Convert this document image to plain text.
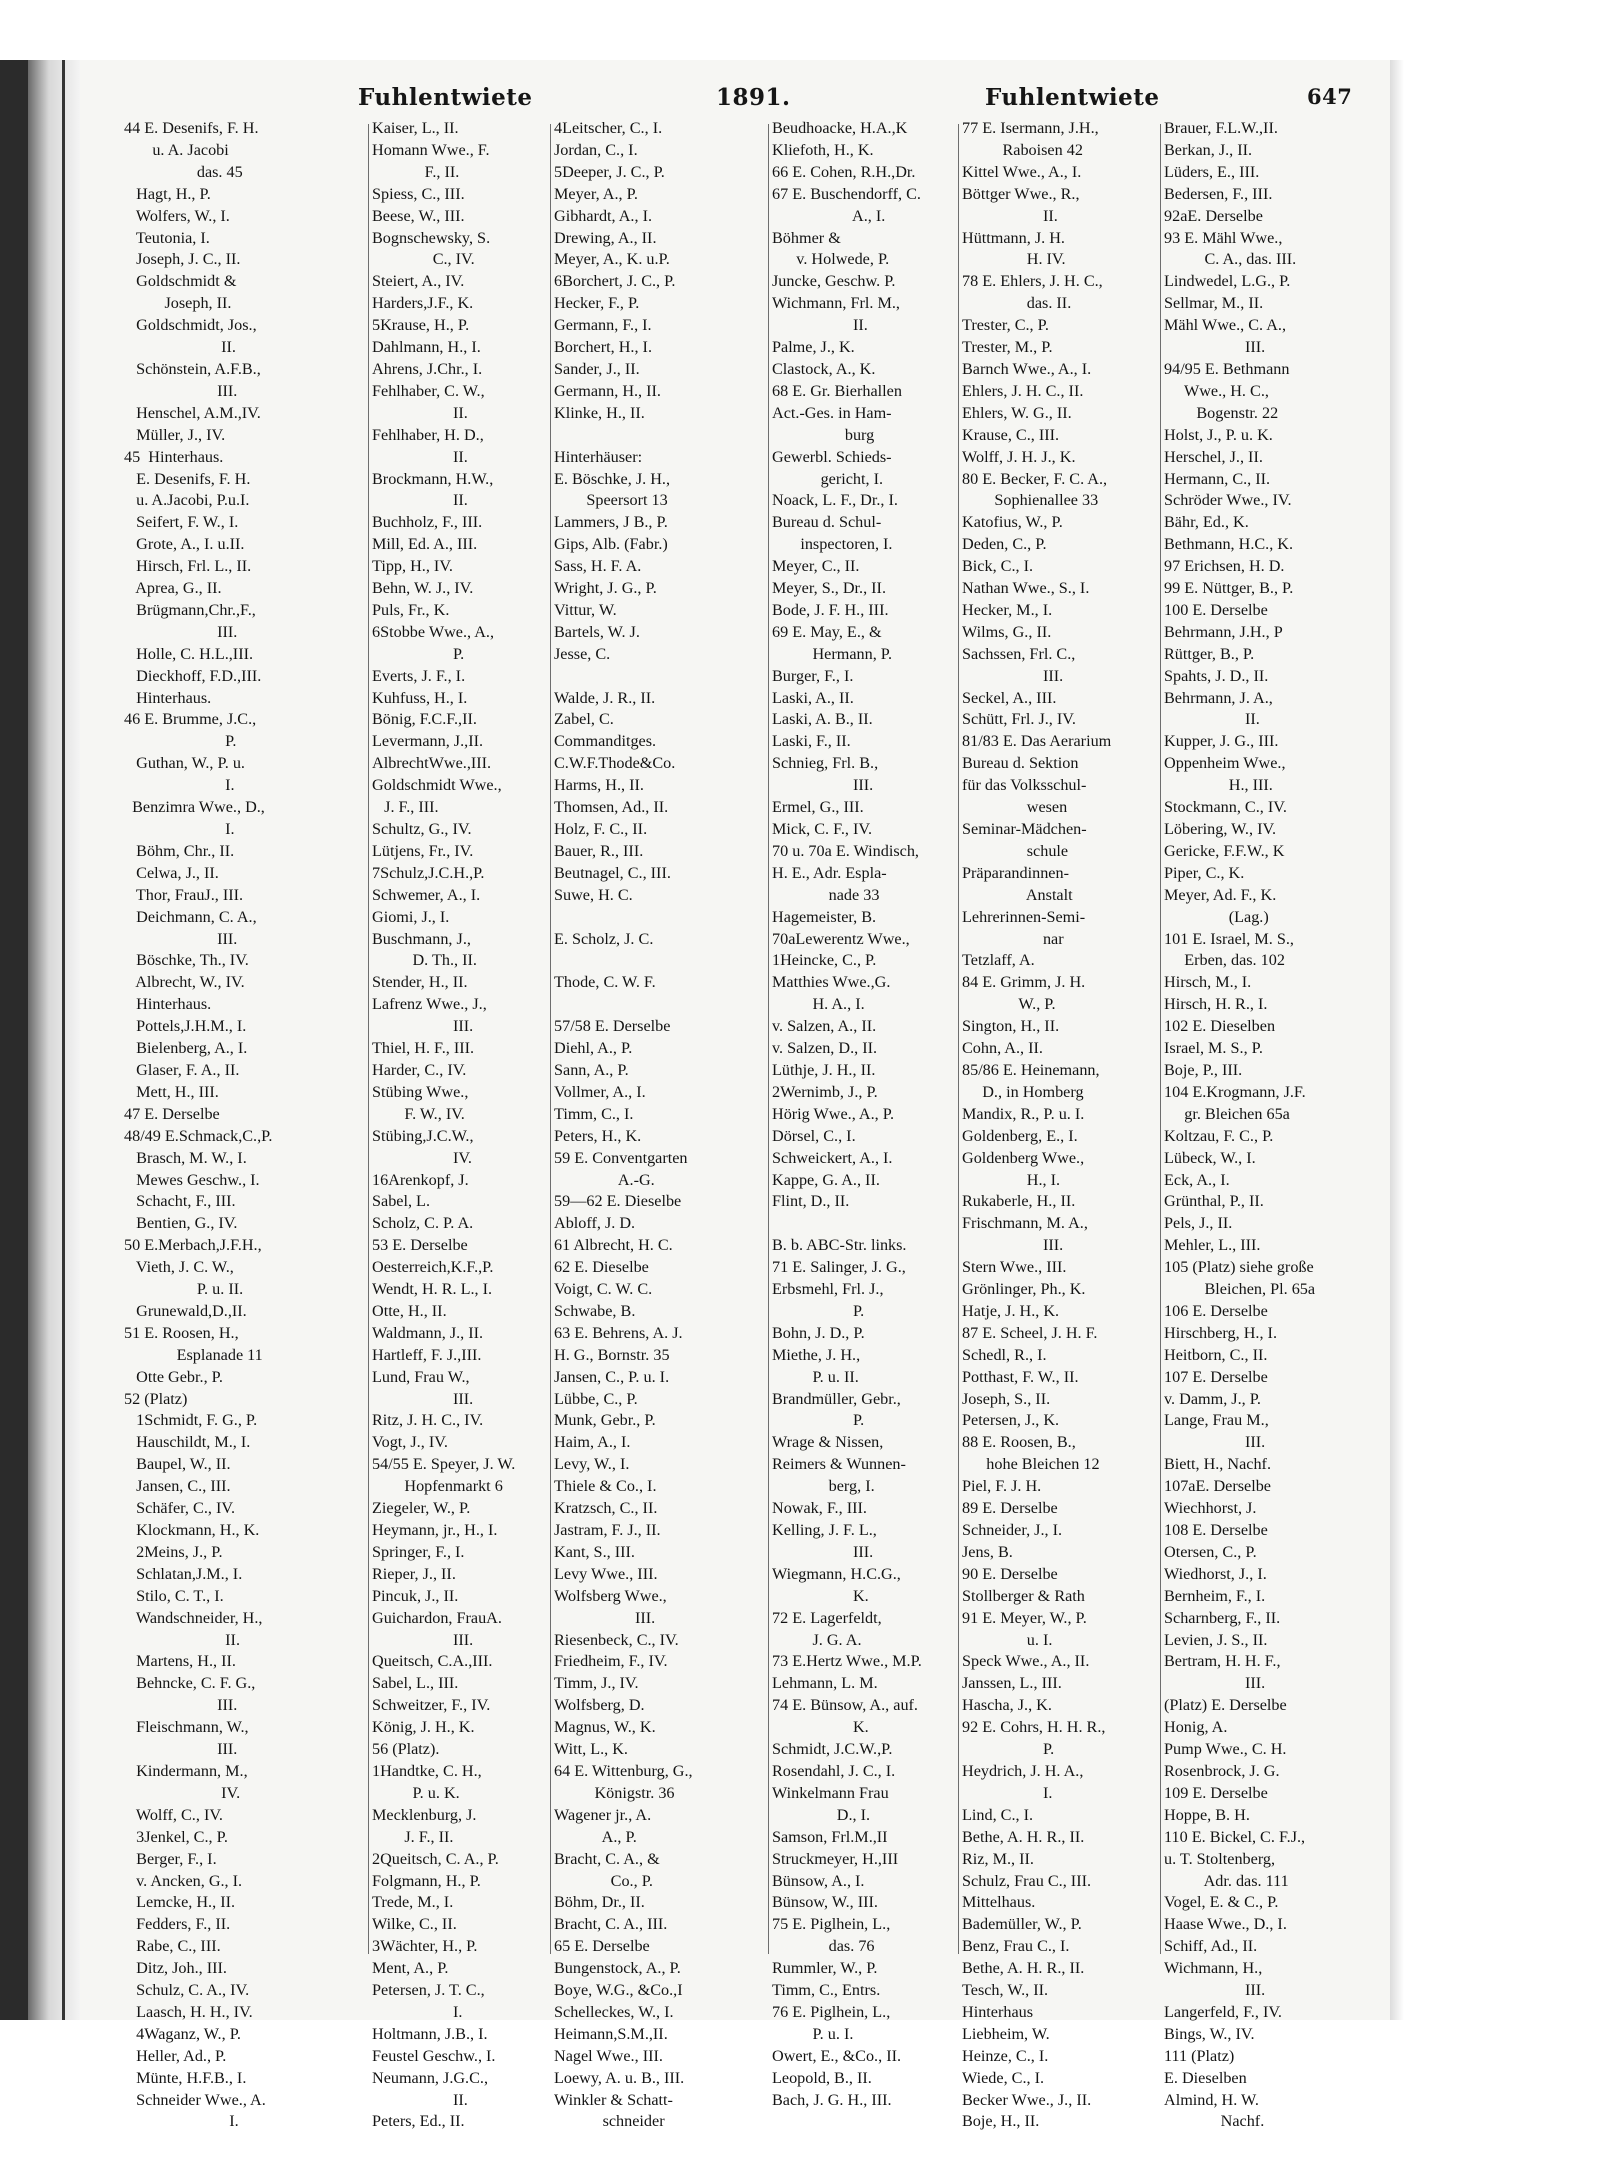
Fuhlentwiete	1891.	Fuhlentwiete	647
44 E. Desenifs, F. H.
u. A. Jacobi
das. 45
Hagt, H., P.
Wolfers, W., I.
Teutonia, I.
Joseph, J. C., II.
Goldschmidt &
Joseph, II.
Goldschmidt, Jos.,
II.
Schönstein, A.F.B.,
III.
Henschel, A.M.,IV.
Müller, J., IV.
45  Hinterhaus.
E. Desenifs, F. H.
u. A.Jacobi, P.u.I.
Seifert, F. W., I.
Grote, A., I. u.II.
Hirsch, Frl. L., II.
Aprea, G., II.
Brügmann,Chr.,F.,
III.
Holle, C. H.L.,III.
Dieckhoff, F.D.,III.
Hinterhaus.
46 E. Brumme, J.C.,
P.
Guthan, W., P. u.
I.
Benzimra Wwe., D.,
I.
Böhm, Chr., II.
Celwa, J., II.
Thor, FrauJ., III.
Deichmann, C. A.,
III.
Böschke, Th., IV.
Albrecht, W., IV.
Hinterhaus.
Pottels,J.H.M., I.
Bielenberg, A., I.
Glaser, F. A., II.
Mett, H., III.
47 E. Derselbe
48/49 E.Schmack,C.,P.
Brasch, M. W., I.
Mewes Geschw., I.
Schacht, F., III.
Bentien, G., IV.
50 E.Merbach,J.F.H.,
Vieth, J. C. W.,
P. u. II.
Grunewald,D.,II.
51 E. Roosen, H.,
Esplanade 11
Otte Gebr., P.
52 (Platz)
1Schmidt, F. G., P.
Hauschildt, M., I.
Baupel, W., II.
Jansen, C., III.
Schäfer, C., IV.
Klockmann, H., K.
2Meins, J., P.
Schlatan,J.M., I.
Stilo, C. T., I.
Wandschneider, H.,
II.
Martens, H., II.
Behncke, C. F. G.,
III.
Fleischmann, W.,
III.
Kindermann, M.,
IV.
Wolff, C., IV.
3Jenkel, C., P.
Berger, F., I.
v. Ancken, G., I.
Lemcke, H., II.
Fedders, F., II.
Rabe, C., III.
Ditz, Joh., III.
Schulz, C. A., IV.
Laasch, H. H., IV.
4Waganz, W., P.
Heller, Ad., P.
Münte, H.F.B., I.
Schneider Wwe., A.
I.
Kaiser, L., II.
Homann Wwe., F.
F., II.
Spiess, C., III.
Beese, W., III.
Bognschewsky, S.
C., IV.
Steiert, A., IV.
Harders,J.F., K.
5Krause, H., P.
Dahlmann, H., I.
Ahrens, J.Chr., I.
Fehlhaber, C. W.,
II.
Fehlhaber, H. D.,
II.
Brockmann, H.W.,
II.
Buchholz, F., III.
Mill, Ed. A., III.
Tipp, H., IV.
Behn, W. J., IV.
Puls, Fr., K.
6Stobbe Wwe., A.,
P.
Everts, J. F., I.
Kuhfuss, H., I.
Bönig, F.C.F.,II.
Levermann, J.,II.
AlbrechtWwe.,III.
Goldschmidt Wwe.,
J. F., III.
Schultz, G., IV.
Lütjens, Fr., IV.
7Schulz,J.C.H.,P.
Schwemer, A., I.
Giomi, J., I.
Buschmann, J.,
D. Th., II.
Stender, H., II.
Lafrenz Wwe., J.,
III.
Thiel, H. F., III.
Harder, C., IV.
Stübing Wwe.,
F. W., IV.
Stübing,J.C.W.,
IV.
16Arenkopf, J.
Sabel, L.
Scholz, C. P. A.
53 E. Derselbe
Oesterreich,K.F.,P.
Wendt, H. R. L., I.
Otte, H., II.
Waldmann, J., II.
Hartleff, F. J.,III.
Lund, Frau W.,
III.
Ritz, J. H. C., IV.
Vogt, J., IV.
54/55 E. Speyer, J. W.
Hopfenmarkt 6
Ziegeler, W., P.
Heymann, jr., H., I.
Springer, F., I.
Rieper, J., II.
Pincuk, J., II.
Guichardon, FrauA.
III.
Queitsch, C.A.,III.
Sabel, L., III.
Schweitzer, F., IV.
König, J. H., K.
56 (Platz).
1Handtke, C. H.,
P. u. K.
Mecklenburg, J.
J. F., II.
2Queitsch, C. A., P.
Folgmann, H., P.
Trede, M., I.
Wilke, C., II.
3Wächter, H., P.
Ment, A., P.
Petersen, J. T. C.,
I.
Holtmann, J.B., I.
Feustel Geschw., I.
Neumann, J.G.C.,
II.
Peters, Ed., II.
4Leitscher, C., I.
Jordan, C., I.
5Deeper, J. C., P.
Meyer, A., P.
Gibhardt, A., I.
Drewing, A., II.
Meyer, A., K. u.P.
6Borchert, J. C., P.
Hecker, F., P.
Germann, F., I.
Borchert, H., I.
Sander, J., II.
Germann, H., II.
Klinke, H., II.

Hinterhäuser:
E. Böschke, J. H.,
Speersort 13
Lammers, J B., P.
Gips, Alb. (Fabr.)
Sass, H. F. A.
Wright, J. G., P.
Vittur, W.
Bartels, W. J.
Jesse, C.

Walde, J. R., II.
Zabel, C.
Commanditges.
C.W.F.Thode&Co.
Harms, H., II.
Thomsen, Ad., II.
Holz, F. C., II.
Bauer, R., III.
Beutnagel, C., III.
Suwe, H. C.

E. Scholz, J. C.

Thode, C. W. F.

57/58 E. Derselbe
Diehl, A., P.
Sann, A., P.
Vollmer, A., I.
Timm, C., I.
Peters, H., K.
59 E. Conventgarten
A.-G.
59—62 E. Dieselbe
Abloff, J. D.
61 Albrecht, H. C.
62 E. Dieselbe
Voigt, C. W. C.
Schwabe, B.
63 E. Behrens, A. J.
H. G., Bornstr. 35
Jansen, C., P. u. I.
Lübbe, C., P.
Munk, Gebr., P.
Haim, A., I.
Levy, W., I.
Thiele & Co., I.
Kratzsch, C., II.
Jastram, F. J., II.
Kant, S., III.
Levy Wwe., III.
Wolfsberg Wwe.,
III.
Riesenbeck, C., IV.
Friedheim, F., IV.
Timm, J., IV.
Wolfsberg, D.
Magnus, W., K.
Witt, L., K.
64 E. Wittenburg, G.,
Königstr. 36
Wagener jr., A.
A., P.
Bracht, C. A., &
Co., P.
Böhm, Dr., II.
Bracht, C. A., III.
65 E. Derselbe
Bungenstock, A., P.
Boye, W.G., &Co.,I
Schelleckes, W., I.
Heimann,S.M.,II.
Nagel Wwe., III.
Loewy, A. u. B., III.
Winkler & Schatt-
schneider
Beudhoacke, H.A.,K
Kliefoth, H., K.
66 E. Cohen, R.H.,Dr.
67 E. Buschendorff, C.
A., I.
Böhmer &
v. Holwede, P.
Juncke, Geschw. P.
Wichmann, Frl. M.,
II.
Palme, J., K.
Clastock, A., K.
68 E. Gr. Bierhallen
Act.-Ges. in Ham-
burg
Gewerbl. Schieds-
gericht, I.
Noack, L. F., Dr., I.
Bureau d. Schul-
inspectoren, I.
Meyer, C., II.
Meyer, S., Dr., II.
Bode, J. F. H., III.
69 E. May, E., &
Hermann, P.
Burger, F., I.
Laski, A., II.
Laski, A. B., II.
Laski, F., II.
Schnieg, Frl. B.,
III.
Ermel, G., III.
Mick, C. F., IV.
70 u. 70a E. Windisch,
H. E., Adr. Espla-
nade 33
Hagemeister, B.
70aLewerentz Wwe.,
1Heincke, C., P.
Matthies Wwe.,G.
H. A., I.
v. Salzen, A., II.
v. Salzen, D., II.
Lüthje, J. H., II.
2Wernimb, J., P.
Hörig Wwe., A., P.
Dörsel, C., I.
Schweickert, A., I.
Kappe, G. A., II.
Flint, D., II.

B. b. ABC-Str. links.
71 E. Salinger, J. G.,
Erbsmehl, Frl. J.,
P.
Bohn, J. D., P.
Miethe, J. H.,
P. u. II.
Brandmüller, Gebr.,
P.
Wrage & Nissen,
Reimers & Wunnen-
berg, I.
Nowak, F., III.
Kelling, J. F. L.,
III.
Wiegmann, H.C.G.,
K.
72 E. Lagerfeldt,
J. G. A.
73 E.Hertz Wwe., M.P.
Lehmann, L. M.
74 E. Bünsow, A., auf.
K.
Schmidt, J.C.W.,P.
Rosendahl, J. C., I.
Winkelmann Frau
D., I.
Samson, Frl.M.,II
Struckmeyer, H.,III
Bünsow, A., I.
Bünsow, W., III.
75 E. Piglhein, L.,
das. 76
Rummler, W., P.
Timm, C., Entrs.
76 E. Piglhein, L.,
P. u. I.
Owert, E., &Co., II.
Leopold, B., II.
Bach, J. G. H., III.
77 E. Isermann, J.H.,
Raboisen 42
Kittel Wwe., A., I.
Böttger Wwe., R.,
II.
Hüttmann, J. H.
H. IV.
78 E. Ehlers, J. H. C.,
das. II.
Trester, C., P.
Trester, M., P.
Barnch Wwe., A., I.
Ehlers, J. H. C., II.
Ehlers, W. G., II.
Krause, C., III.
Wolff, J. H. J., K.
80 E. Becker, F. C. A.,
Sophienallee 33
Katofius, W., P.
Deden, C., P.
Bick, C., I.
Nathan Wwe., S., I.
Hecker, M., I.
Wilms, G., II.
Sachssen, Frl. C.,
III.
Seckel, A., III.
Schütt, Frl. J., IV.
81/83 E. Das Aerarium
Bureau d. Sektion
für das Volksschul-
wesen
Seminar-Mädchen-
schule
Präparandinnen-
Anstalt
Lehrerinnen-Semi-
nar
Tetzlaff, A.
84 E. Grimm, J. H.
W., P.
Sington, H., II.
Cohn, A., II.
85/86 E. Heinemann,
D., in Homberg
Mandix, R., P. u. I.
Goldenberg, E., I.
Goldenberg Wwe.,
H., I.
Rukaberle, H., II.
Frischmann, M. A.,
III.
Stern Wwe., III.
Grönlinger, Ph., K.
Hatje, J. H., K.
87 E. Scheel, J. H. F.
Schedl, R., I.
Potthast, F. W., II.
Joseph, S., II.
Petersen, J., K.
88 E. Roosen, B.,
hohe Bleichen 12
Piel, F. J. H.
89 E. Derselbe
Schneider, J., I.
Jens, B.
90 E. Derselbe
Stollberger & Rath
91 E. Meyer, W., P.
u. I.
Speck Wwe., A., II.
Janssen, L., III.
Hascha, J., K.
92 E. Cohrs, H. H. R.,
P.
Heydrich, J. H. A.,
I.
Lind, C., I.
Bethe, A. H. R., II.
Riz, M., II.
Schulz, Frau C., III.
Mittelhaus.
Bademüller, W., P.
Benz, Frau C., I.
Bethe, A. H. R., II.
Tesch, W., II.
Hinterhaus
Liebheim, W.
Heinze, C., I.
Wiede, C., I.
Becker Wwe., J., II.
Boje, H., II.
Brauer, F.L.W.,II.
Berkan, J., II.
Lüders, E., III.
Bedersen, F., III.
92aE. Derselbe
93 E. Mähl Wwe.,
C. A., das. III.
Lindwedel, L.G., P.
Sellmar, M., II.
Mähl Wwe., C. A.,
III.
94/95 E. Bethmann
Wwe., H. C.,
Bogenstr. 22
Holst, J., P. u. K.
Herschel, J., II.
Hermann, C., II.
Schröder Wwe., IV.
Bähr, Ed., K.
Bethmann, H.C., K.
97 Erichsen, H. D.
99 E. Nüttger, B., P.
100 E. Derselbe
Behrmann, J.H., P
Rüttger, B., P.
Spahts, J. D., II.
Behrmann, J. A.,
II.
Kupper, J. G., III.
Oppenheim Wwe.,
H., III.
Stockmann, C., IV.
Löbering, W., IV.
Gericke, F.F.W., K
Piper, C., K.
Meyer, Ad. F., K.
(Lag.)
101 E. Israel, M. S.,
Erben, das. 102
Hirsch, M., I.
Hirsch, H. R., I.
102 E. Dieselben
Israel, M. S., P.
Boje, P., III.
104 E.Krogmann, J.F.
gr. Bleichen 65a
Koltzau, F. C., P.
Lübeck, W., I.
Eck, A., I.
Grünthal, P., II.
Pels, J., II.
Mehler, L., III.
105 (Platz) siehe große
Bleichen, Pl. 65a
106 E. Derselbe
Hirschberg, H., I.
Heitborn, C., II.
107 E. Derselbe
v. Damm, J., P.
Lange, Frau M.,
III.
Biett, H., Nachf.
107aE. Derselbe
Wiechhorst, J.
108 E. Derselbe
Otersen, C., P.
Wiedhorst, J., I.
Bernheim, F., I.
Scharnberg, F., II.
Levien, J. S., II.
Bertram, H. H. F.,
III.
(Platz) E. Derselbe
Honig, A.
Pump Wwe., C. H.
Rosenbrock, J. G.
109 E. Derselbe
Hoppe, B. H.
110 E. Bickel, C. F.J.,
u. T. Stoltenberg,
Adr. das. 111
Vogel, E. & C., P.
Haase Wwe., D., I.
Schiff, Ad., II.
Wichmann, H.,
III.
Langerfeld, F., IV.
Bings, W., IV.
111 (Platz)
E. Dieselben
Almind, H. W.
Nachf.
